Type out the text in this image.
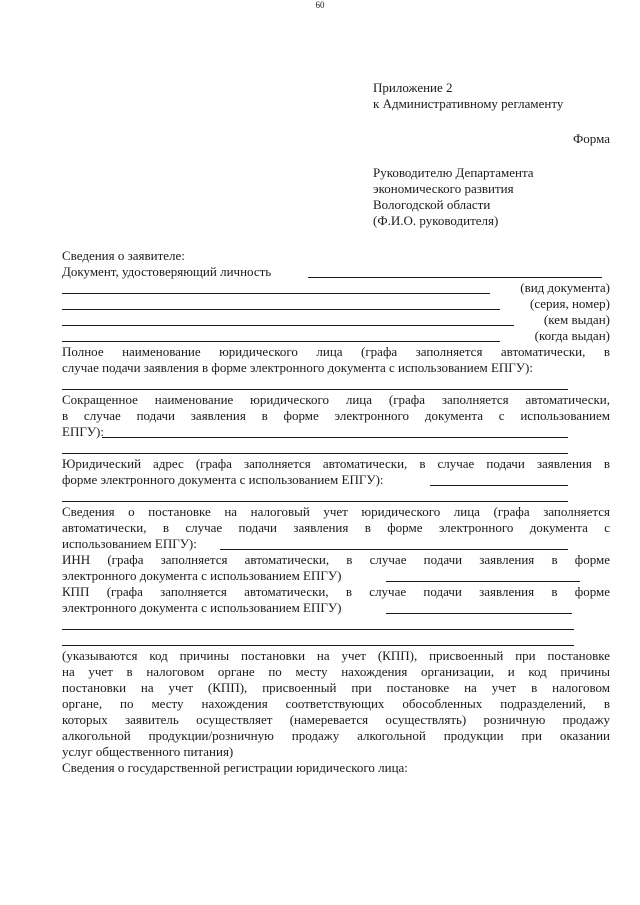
60
Приложение 2
к Административному регламенту
Форма
Руководителю Департамента
экономического развития
Вологодской области
(Ф.И.О. руководителя)
Сведения о заявителе:
Документ, удостоверяющий личность
(вид документа)
(серия, номер)
(кем выдан)
(когда выдан)
Полное наименование юридического лица (графа заполняется автоматически, в
случае подачи заявления в форме электронного документа с использованием ЕПГУ):
Сокращенное наименование юридического лица (графа заполняется автоматически,
в случае подачи заявления в форме электронного документа с использованием
ЕПГУ):
Юридический адрес (графа заполняется автоматически, в случае подачи заявления в
форме электронного документа с использованием ЕПГУ):
Сведения о постановке на налоговый учет юридического лица (графа заполняется
автоматически, в случае подачи заявления в форме электронного документа с
использованием ЕПГУ):
ИНН (графа заполняется автоматически, в случае подачи заявления в форме
электронного документа с использованием ЕПГУ)
КПП (графа заполняется автоматически, в случае подачи заявления в форме
электронного документа с использованием ЕПГУ)
(указываются код причины постановки на учет (КПП), присвоенный при постановке
на учет в налоговом органе по месту нахождения организации, и код причины
постановки на учет (КПП), присвоенный при постановке на учет в налоговом
органе, по месту нахождения соответствующих обособленных подразделений, в
которых заявитель осуществляет (намеревается осуществлять) розничную продажу
алкогольной продукции/розничную продажу алкогольной продукции при оказании
услуг общественного питания)
Сведения о государственной регистрации юридического лица:
